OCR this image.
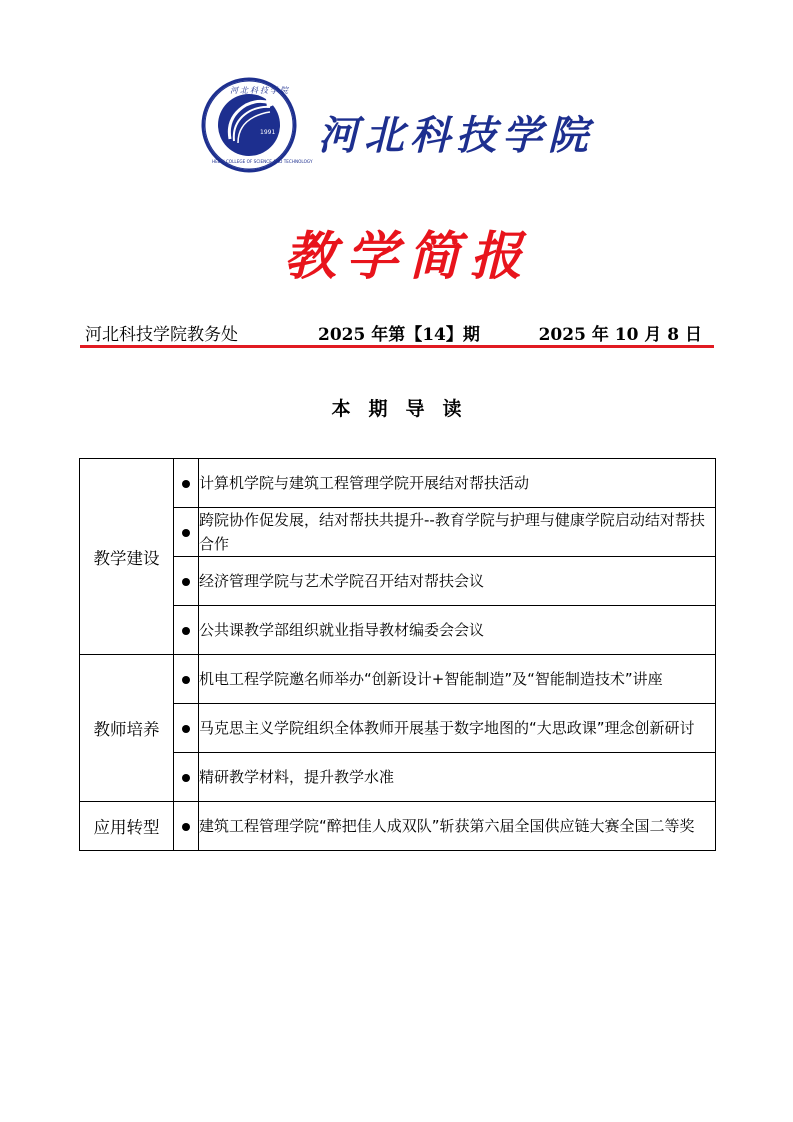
1991
河北科技学院
HEBEI COLLEGE OF SCIENCE AND TECHNOLOGY
河北科技学院
教学简报
河北科技学院教务处	2025 年第【14】期	2025 年 10 月 8 日
本期导读
教学建设		计算机学院与建筑工程管理学院开展结对帮扶活动
		跨院协作促发展，结对帮扶共提升--教育学院与护理与健康学院启动结对帮扶合作
		经济管理学院与艺术学院召开结对帮扶会议
		公共课教学部组织就业指导教材编委会会议
教师培养		机电工程学院邀名师举办“创新设计+智能制造”及“智能制造技术”讲座
		马克思主义学院组织全体教师开展基于数字地图的“大思政课”理念创新研讨
		精研教学材料，提升教学水准
应用转型		建筑工程管理学院“醉把佳人成双队”斩获第六届全国供应链大赛全国二等奖
